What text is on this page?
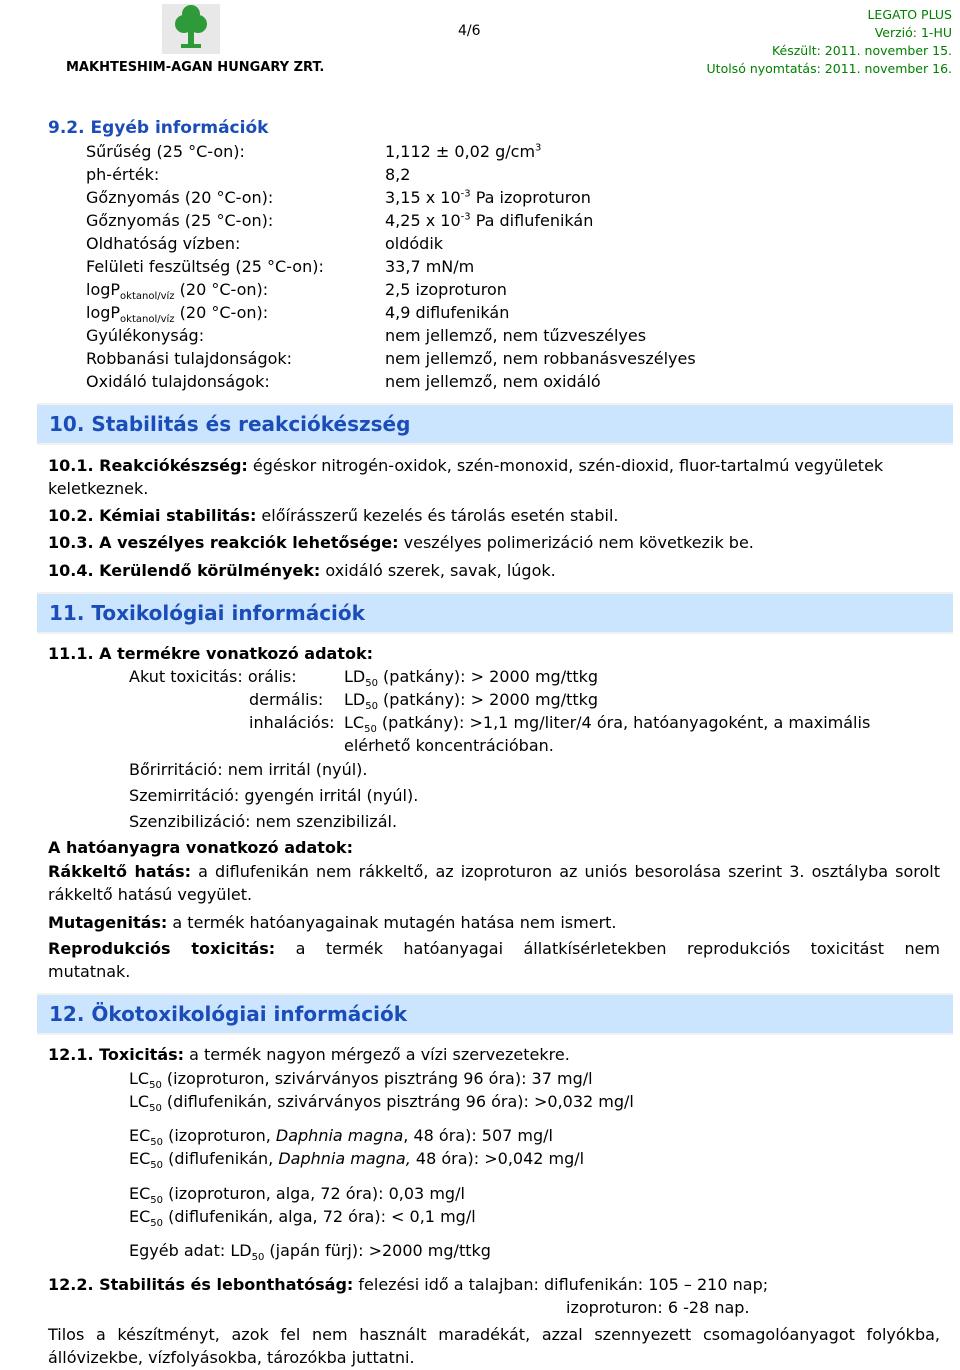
MAKHTESHIM-AGAN HUNGARY ZRT.
4/6
LEGATO PLUS
Verzió: 1-HU
Készült: 2011. november 15.
Utolsó nyomtatás: 2011. november 16.
9.2. Egyéb információk
Sűrűség (25 °C-on):	1,112 ± 0,02 $g/cm^3$
ph-érték:	8,2
Gőznyomás (20 °C-on):	3,15 x $10^{-3}$ Pa izoproturon
Gőznyomás (25 °C-on):	4,25 x $10^{-3}$ Pa diflufenikán
Oldhatóság vízben:	oldódik
Felületi feszültség (25 °C-on):	33,7 mN/m
logP$_{oktanol/víz}$ (20 °C-on):	2,5 izoproturon
logP$_{oktanol/víz}$ (20 °C-on):	4,9 diflufenikán
Gyúlékonyság:	nem jellemző, nem tűzveszélyes
Robbanási tulajdonságok:	nem jellemző, nem robbanásveszélyes
Oxidáló tulajdonságok:	nem jellemző, nem oxidáló
10. Stabilitás és reakciókészség
10.1. Reakciókészség: égéskor nitrogén-oxidok, szén-monoxid, szén-dioxid, fluor-tartalmú vegyületek keletkeznek.
10.2. Kémiai stabilitás: előírásszerű kezelés és tárolás esetén stabil.
10.3. A veszélyes reakciók lehetősége: veszélyes polimerizáció nem következik be.
10.4. Kerülendő körülmények: oxidáló szerek, savak, lúgok.
11. Toxikológiai információk
11.1. A termékre vonatkozó adatok:
Akut toxicitás: orális:	$LD_{50}$ (patkány): > 2000 mg/ttkg
dermális: $LD_{50}$ (patkány): > 2000 mg/ttkg
inhalációs: $LC_{50}$ (patkány): >1,1 mg/liter/4 óra, hatóanyagoként, a maximális
elérhető koncentrációban.
Bőrirritáció: nem irritál (nyúl).
Szemirritáció: gyengén irritál (nyúl).
Szenzibilizáció: nem szenzibilizál.
A hatóanyagra vonatkozó adatok:
Rákkeltő hatás: a diflufenikán nem rákkeltő, az izoproturon az uniós besorolása szerint 3. osztályba sorolt rákkeltő hatású vegyület.
Mutagenitás: a termék hatóanyagainak mutagén hatása nem ismert.
Reprodukciós toxicitás: a termék hatóanyagai állatkísérletekben reprodukciós toxicitást nem mutatnak.
12. Ökotoxikológiai információk
12.1. Toxicitás: a termék nagyon mérgező a vízi szervezetekre.
$LC_{50}$ (izoproturon, szivárványos pisztráng 96 óra): 37 mg/l
$LC_{50}$ (diflufenikán, szivárványos pisztráng 96 óra): >0,032 mg/l
$EC_{50}$ (izoproturon, Daphnia magna, 48 óra): 507 mg/l
$EC_{50}$ (diflufenikán, Daphnia magna, 48 óra): >0,042 mg/l
$EC_{50}$ (izoproturon, alga, 72 óra): 0,03 mg/l
$EC_{50}$ (diflufenikán, alga, 72 óra): < 0,1 mg/l
Egyéb adat: $LD_{50}$ (japán fürj): >2000 mg/ttkg
12.2. Stabilitás és lebonthatóság: felezési idő a talajban: diflufenikán: 105 – 210 nap;
izoproturon: 6 -28 nap.
Tilos a készítményt, azok fel nem használt maradékát, azzal szennyezett csomagolóanyagot folyókba, állóvizekbe, vízfolyásokba, tározókba juttatni.
